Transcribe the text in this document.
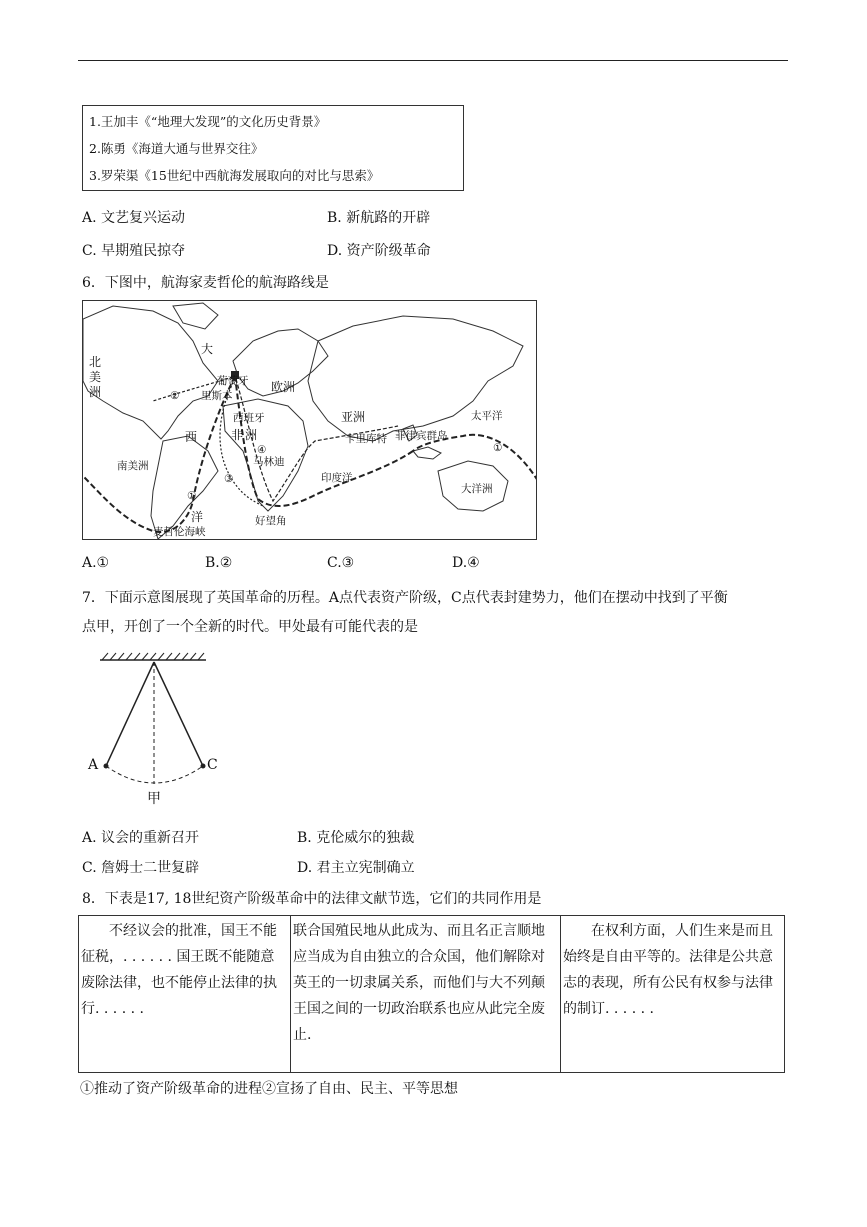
1.王加丰《“地理大发现”的文化历史背景》
2.陈勇《海道大通与世界交往》
3.罗荣渠《15世纪中西航海发展取向的对比与思索》
A. 文艺复兴运动	B. 新航路的开辟
C. 早期殖民掠夺	D. 资产阶级革命
6．下图中，航海家麦哲伦的航海路线是
北
美
洲
大
西
洋
葡萄牙
里斯本
西班牙
欧洲
亚洲
非 洲
南美洲
太平洋
卡里库特 菲律宾群岛
马林迪
印度洋
大洋洲
好望角
麦哲伦海峡
①
①
②
③
④
A.①	B.②	C.③	D.④
7．下面示意图展现了英国革命的历程。A点代表资产阶级，C点代表封建势力，他们在摆动中找到了平衡
点甲，开创了一个全新的时代。甲处最有可能代表的是
A	C
甲
A. 议会的重新召开	B. 克伦威尔的独裁
C. 詹姆士二世复辟	D. 君主立宪制确立
8．下表是17, 18世纪资产阶级革命中的法律文献节选，它们的共同作用是
　　不经议会的批准，国王不能征税，. . . . . . 国王既不能随意废除法律，也不能停止法律的执行. . . . . .	联合国殖民地从此成为、而且名正言顺地应当成为自由独立的合众国，他们解除对英王的一切隶属关系，而他们与大不列颠王国之间的一切政治联系也应从此完全废止.	　　在权利方面，人们生来是而且始终是自由平等的。法律是公共意志的表现，所有公民有权参与法律的制订. . . . . .
①推动了资产阶级革命的进程②宣扬了自由、民主、平等思想
